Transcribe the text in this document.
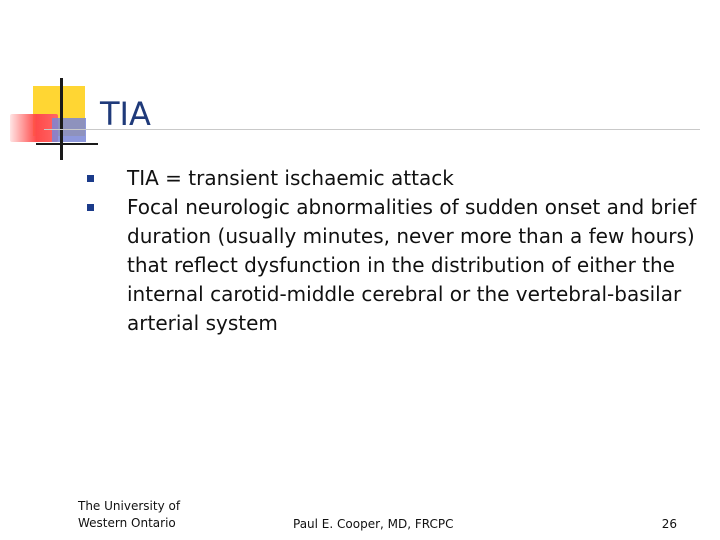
TIA
TIA = transient ischaemic attack
Focal neurologic abnormalities of sudden onset and brief duration (usually minutes, never more than a few hours) that reflect dysfunction in the distribution of either the internal carotid-middle cerebral or the vertebral-basilar arterial system
The University of
Western Ontario	Paul E. Cooper, MD, FRCPC	26
